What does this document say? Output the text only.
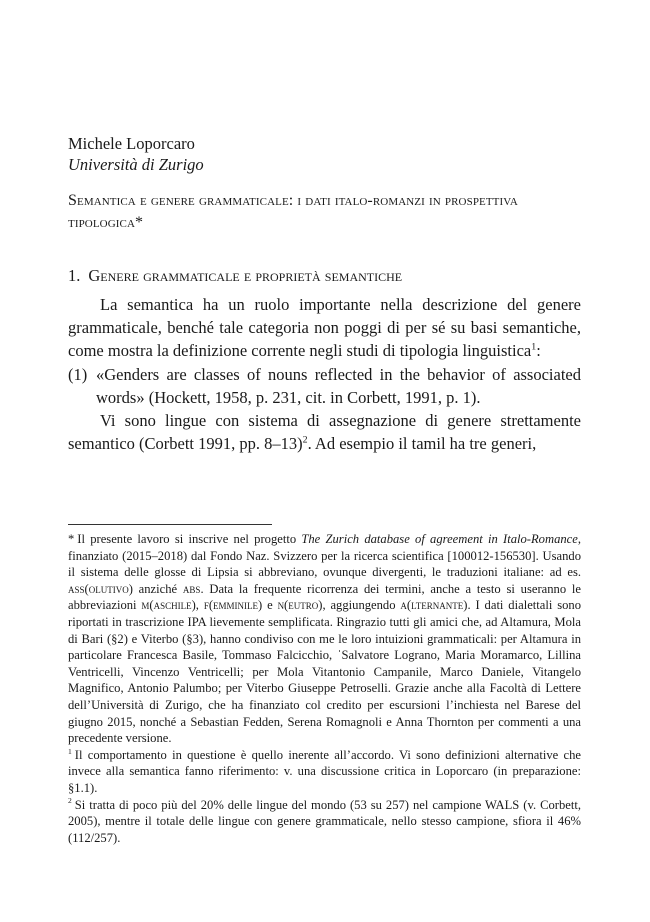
Michele Loporcaro
Università di Zurigo
Semantica e genere grammaticale: i dati italo-romanzi in prospettiva tipologica*
1. Genere grammaticale e proprietà semantiche

La semantica ha un ruolo importante nella descrizione del genere grammaticale, benché tale categoria non poggi di per sé su basi semantiche, come mostra la definizione corrente negli studi di tipologia linguistica$^1$:

(1) «Genders are classes of nouns reflected in the behavior of associated words» (Hockett, 1958, p. 231, cit. in Corbett, 1991, p. 1).

Vi sono lingue con sistema di assegnazione di genere strettamente semantico (Corbett 1991, pp. 8–13)$^2$. Ad esempio il tamil ha tre generi,

* Il presente lavoro si inscrive nel progetto The Zurich database of agreement in Italo-Romance, finanziato (2015–2018) dal Fondo Naz. Svizzero per la ricerca scientifica [100012-156530]. Usando il sistema delle glosse di Lipsia si abbreviano, ovunque divergenti, le traduzioni italiane: ad es. ass(olutivo) anziché abs. Data la frequente ricorrenza dei termini, anche a testo si useranno le abbreviazioni m(aschile), f(emminile) e n(eutro), aggiungendo a(lternante). I dati dialettali sono riportati in trascrizione IPA lievemente semplificata. Ringrazio tutti gli amici che, ad Altamura, Mola di Bari (§2) e Viterbo (§3), hanno condiviso con me le loro intuizioni grammaticali: per Altamura in particolare Francesca Basile, Tommaso Falcicchio, ˈSalvatore Lograno, Maria Moramarco, Lillina Ventricelli, Vincenzo Ventricelli; per Mola Vitantonio Campanile, Marco Daniele, Vitangelo Magnifico, Antonio Palumbo; per Viterbo Giuseppe Petroselli. Grazie anche alla Facoltà di Lettere dell’Università di Zurigo, che ha finanziato col credito per escursioni l’inchiesta nel Barese del giugno 2015, nonché a Sebastian Fedden, Serena Romagnoli e Anna Thornton per commenti a una precedente versione.

$^1$ Il comportamento in questione è quello inerente all’accordo. Vi sono definizioni alternative che invece alla semantica fanno riferimento: v. una discussione critica in Loporcaro (in preparazione: §1.1).

$^2$ Si tratta di poco più del 20% delle lingue del mondo (53 su 257) nel campione WALS (v. Corbett, 2005), mentre il totale delle lingue con genere grammaticale, nello stesso campione, sfiora il 46% (112/257).
